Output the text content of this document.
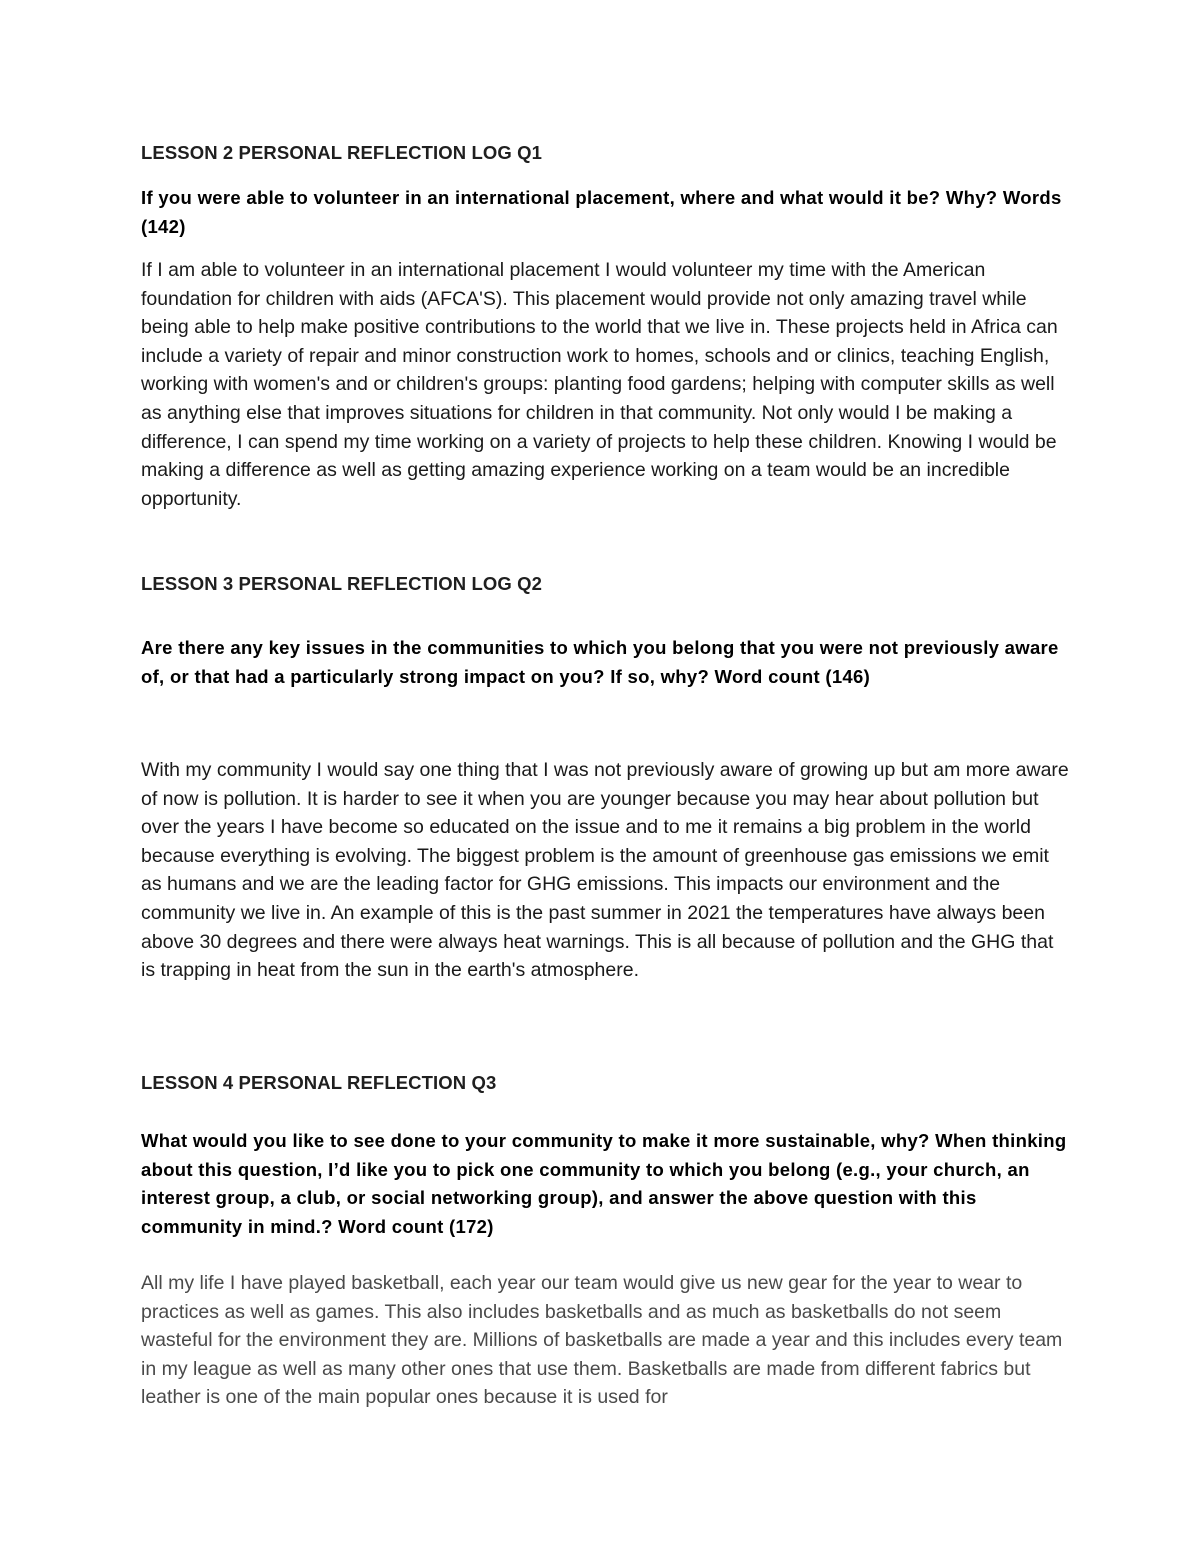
LESSON 2 PERSONAL REFLECTION LOG Q1

If you were able to volunteer in an international placement, where and what would it be? Why? Words (142)

If I am able to volunteer in an international placement I would volunteer my time with the American foundation for children with aids (AFCA'S). This placement would provide not only amazing travel while being able to help make positive contributions to the world that we live in. These projects held in Africa can include a variety of repair and minor construction work to homes, schools and or clinics, teaching English, working with women's and or children's groups: planting food gardens; helping with computer skills as well as anything else that improves situations for children in that community. Not only would I be making a difference, I can spend my time working on a variety of projects to help these children. Knowing I would be making a difference as well as getting amazing experience working on a team would be an incredible opportunity.

LESSON 3 PERSONAL REFLECTION LOG Q2

Are there any key issues in the communities to which you belong that you were not previously aware of, or that had a particularly strong impact on you? If so, why? Word count (146)

With my community I would say one thing that I was not previously aware of growing up but am more aware of now is pollution. It is harder to see it when you are younger because you may hear about pollution but over the years I have become so educated on the issue and to me it remains a big problem in the world because everything is evolving. The biggest problem is the amount of greenhouse gas emissions we emit as humans and we are the leading factor for GHG emissions. This impacts our environment and the community we live in. An example of this is the past summer in 2021 the temperatures have always been above 30 degrees and there were always heat warnings. This is all because of pollution and the GHG that is trapping in heat from the sun in the earth's atmosphere.

LESSON 4 PERSONAL REFLECTION Q3

What would you like to see done to your community to make it more sustainable, why? When thinking about this question, I’d like you to pick one community to which you belong (e.g., your church, an interest group, a club, or social networking group), and answer the above question with this community in mind.? Word count (172)

All my life I have played basketball, each year our team would give us new gear for the year to wear to practices as well as games. This also includes basketballs and as much as basketballs do not seem wasteful for the environment they are. Millions of basketballs are made a year and this includes every team in my league as well as many other ones that use them. Basketballs are made from different fabrics but leather is one of the main popular ones because it is used for
